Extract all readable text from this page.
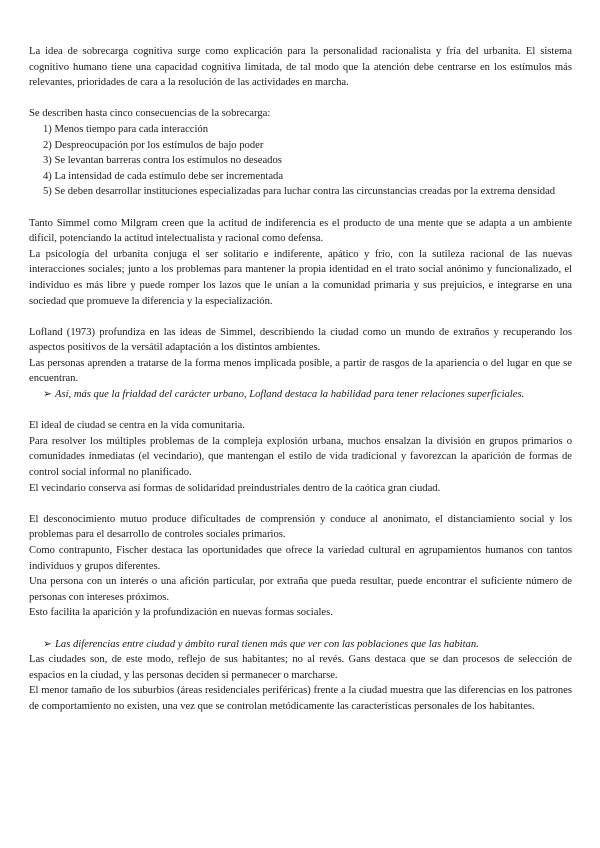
La idea de sobrecarga cognitiva surge como explicación para la personalidad racionalista y fría del urbanita. El sistema cognitivo humano tiene una capacidad cognitiva limitada, de tal modo que la atención debe centrarse en los estímulos más relevantes, prioridades de cara a la resolución de las actividades en marcha.

Se describen hasta cinco consecuencias de la sobrecarga:

1) Menos tiempo para cada interacción

2) Despreocupación por los estímulos de bajo poder

3) Se levantan barreras contra los estímulos no deseados

4) La intensidad de cada estímulo debe ser incrementada

5) Se deben desarrollar instituciones especializadas para luchar contra las circunstancias creadas por la extrema densidad

Tanto Simmel como Milgram creen que la actitud de indiferencia es el producto de una mente que se adapta a un ambiente difícil, potenciando la actitud intelectualista y racional como defensa.

La psicología del urbanita conjuga el ser solitario e indiferente, apático y frío, con la sutileza racional de las nuevas interacciones sociales; junto a los problemas para mantener la propia identidad en el trato social anónimo y funcionalizado, el individuo es más libre y puede romper los lazos que le unían a la comunidad primaria y sus prejuicios, e integrarse en una sociedad que promueve la diferencia y la especialización.

Lofland (1973) profundiza en las ideas de Simmel, describiendo la ciudad como un mundo de extraños y recuperando los aspectos positivos de la versátil adaptación a los distintos ambientes.

Las personas aprenden a tratarse de la forma menos implicada posible, a partir de rasgos de la apariencia o del lugar en que se encuentran.

➢ Así, más que la frialdad del carácter urbano, Lofland destaca la habilidad para tener relaciones superficiales.

El ideal de ciudad se centra en la vida comunitaria.

Para resolver los múltiples problemas de la compleja explosión urbana, muchos ensalzan la división en grupos primarios o comunidades inmediatas (el vecindario), que mantengan el estilo de vida tradicional y favorezcan la aparición de formas de control social informal no planificado.

El vecindario conserva así formas de solidaridad preindustriales dentro de la caótica gran ciudad.

El desconocimiento mutuo produce dificultades de comprensión y conduce al anonimato, el distanciamiento social y los problemas para el desarrollo de controles sociales primarios.

Como contrapunto, Fischer destaca las oportunidades que ofrece la variedad cultural en agrupamientos humanos con tantos individuos y grupos diferentes.

Una persona con un interés o una afición particular, por extraña que pueda resultar, puede encontrar el suficiente número de personas con intereses próximos.

Esto facilita la aparición y la profundización en nuevas formas sociales.

➢ Las diferencias entre ciudad y ámbito rural tienen más que ver con las poblaciones que las habitan.

Las ciudades son, de este modo, reflejo de sus habitantes; no al revés. Gans destaca que se dan procesos de selección de espacios en la ciudad, y las personas deciden si permanecer o marcharse.

El menor tamaño de los suburbios (áreas residenciales periféricas) frente a la ciudad muestra que las diferencias en los patrones de comportamiento no existen, una vez que se controlan metódicamente las características personales de los habitantes.
